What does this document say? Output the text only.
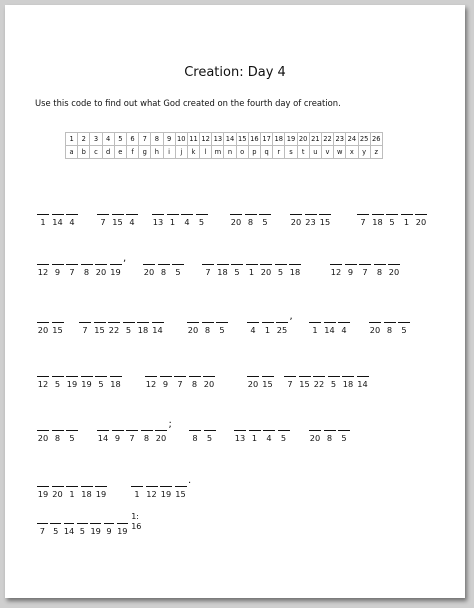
Creation: Day 4
Use this code to find out what God created on the fourth day of creation.
1	2	3	4	5	6	7	8	9	10	11	12	13	14	15	16	17	18	19	20	21	22	23	24	25	26
a	b	c	d	e	f	g	h	i	j	k	l	m	n	o	p	q	r	s	t	u	v	w	x	y	z
1 14 4	7 15 4 13 1 4 5	20 8 5	20 23 15	7 18 5 1 20
12 9 7 8 20 19
,
20 8 5	7 18 5 1 20 5 18	12 9 7 8 20
20 15 7 15 22 5 18 14	20 8 5	4 1 25
,
1 14 4	20 8 5
12 5 19 19 5 18	12 9 7 8 20	20 15 7 15 22 5 18 14
20 8 5	14 9 7 8 20
;
8 5	13 1 4 5	20 8 5
19 20 1 18 19	1 12 19 15
.
7 5 14 5 19 9 19
1: 16
